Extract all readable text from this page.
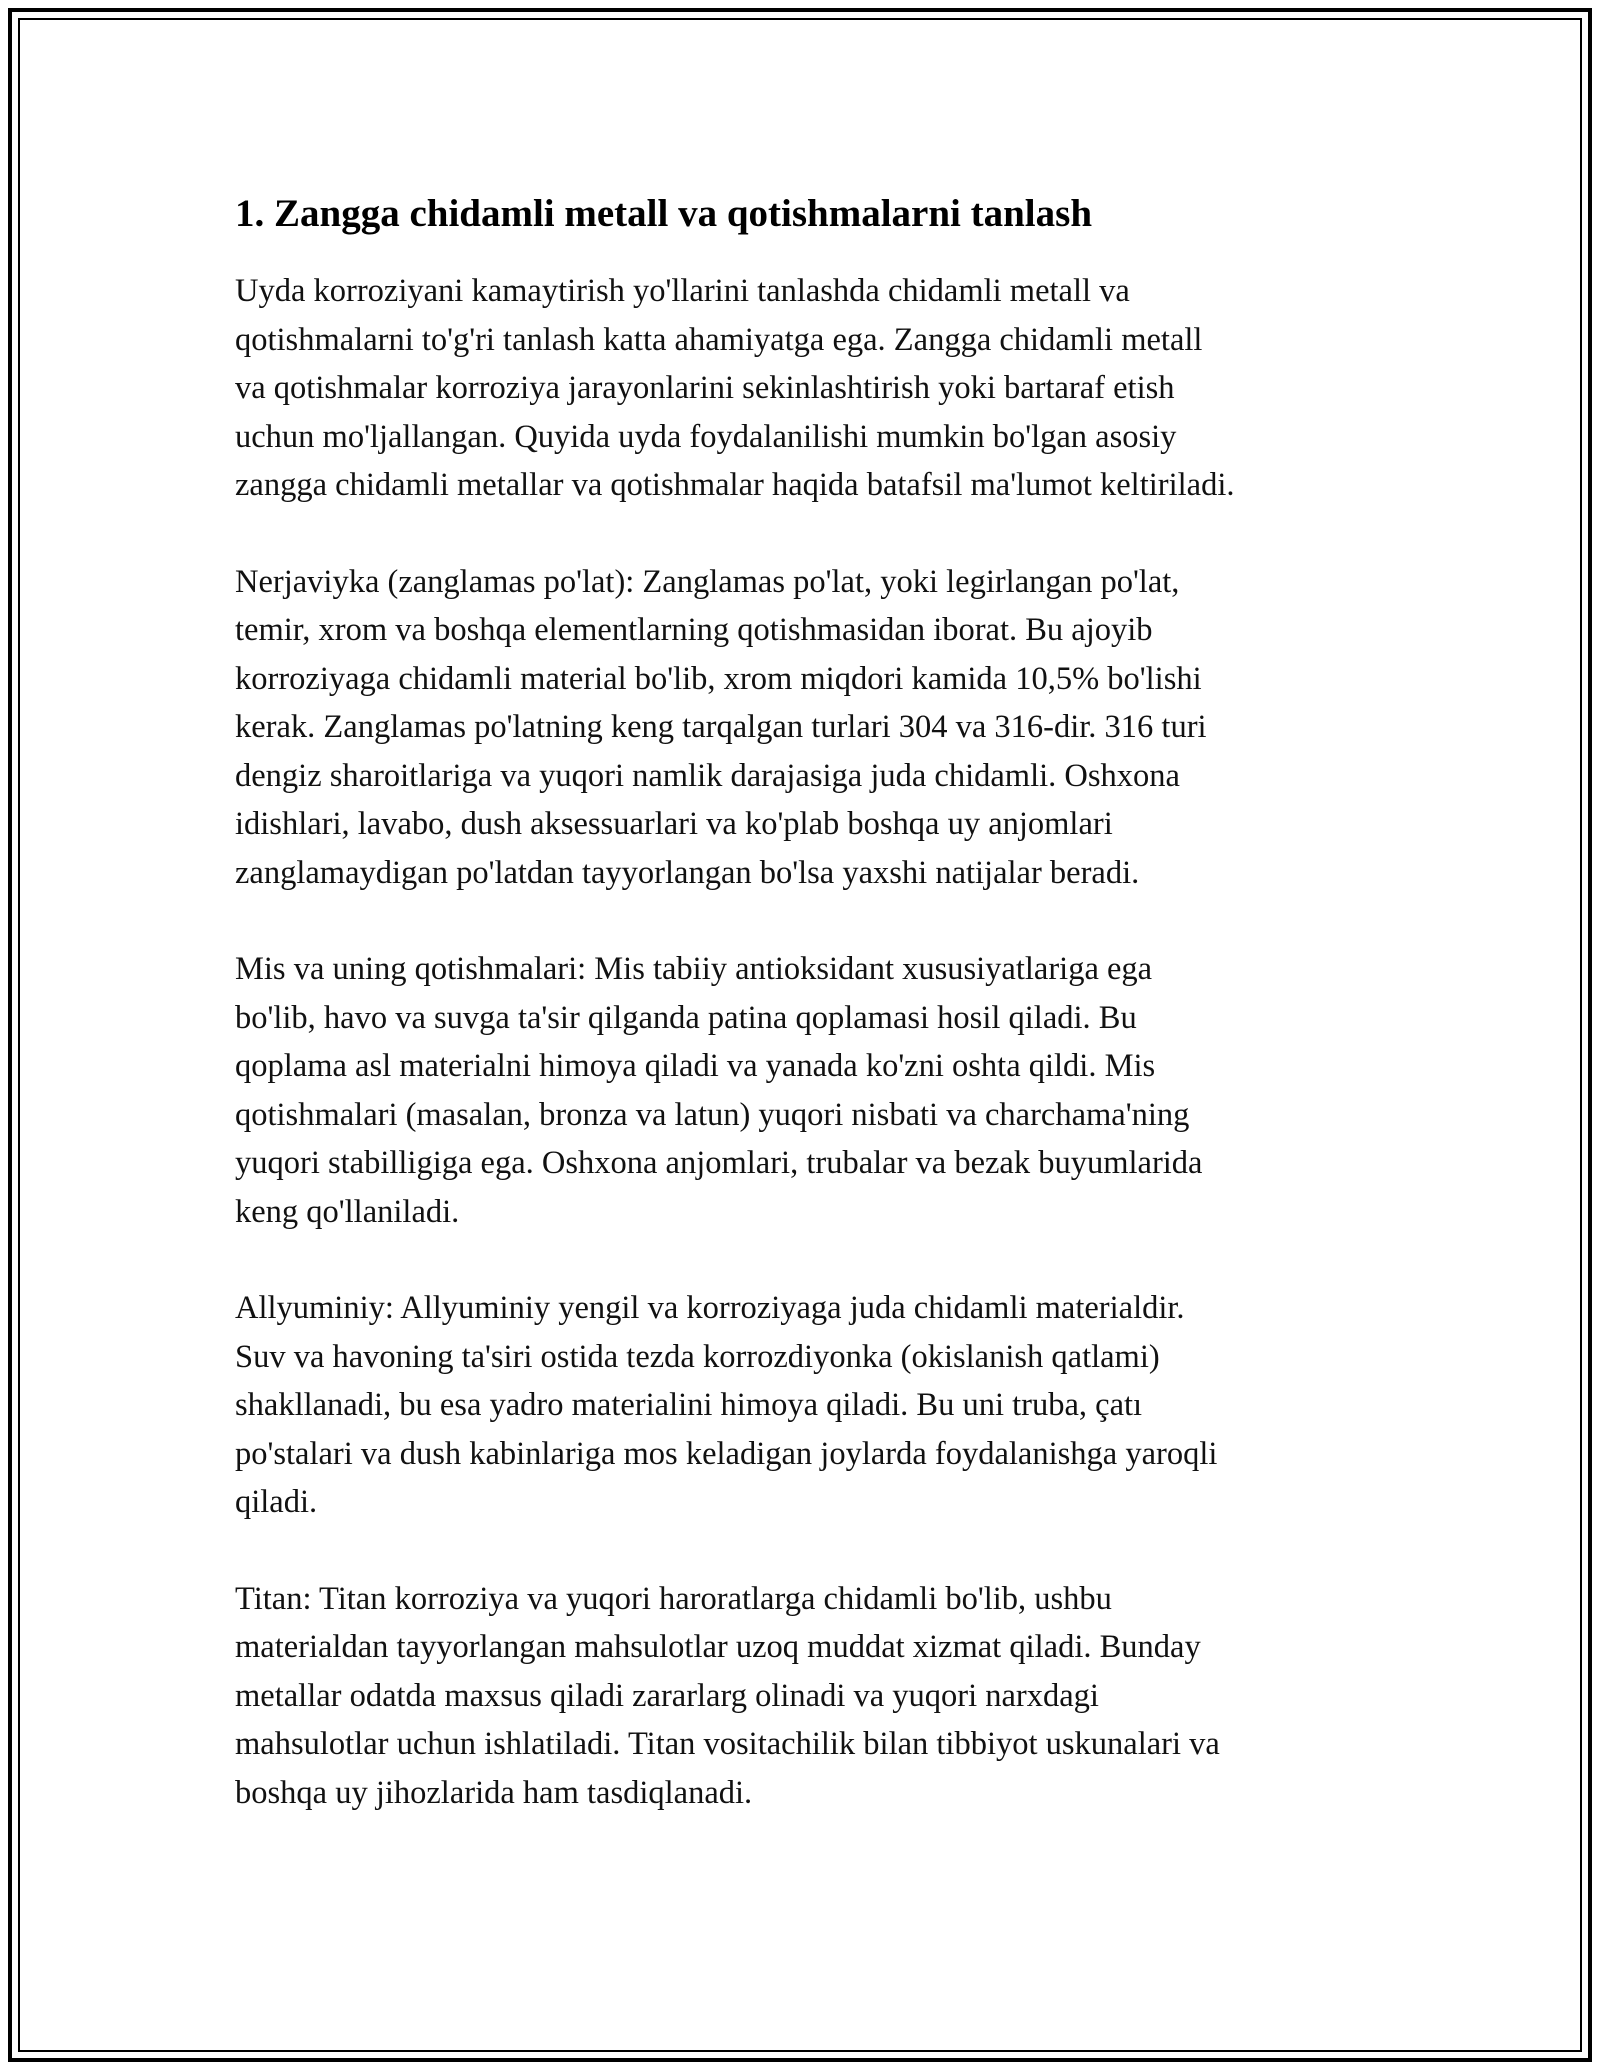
1. Zangga chidamli metall va qotishmalarni tanlash

Uyda korroziyani kamaytirish yo'llarini tanlashda chidamli metall va
qotishmalarni to'g'ri tanlash katta ahamiyatga ega. Zangga chidamli metall
va qotishmalar korroziya jarayonlarini sekinlashtirish yoki bartaraf etish
uchun mo'ljallangan. Quyida uyda foydalanilishi mumkin bo'lgan asosiy
zangga chidamli metallar va qotishmalar haqida batafsil ma'lumot keltiriladi.

Nerjaviyka (zanglamas po'lat): Zanglamas po'lat, yoki legirlangan po'lat,
temir, xrom va boshqa elementlarning qotishmasidan iborat. Bu ajoyib
korroziyaga chidamli material bo'lib, xrom miqdori kamida 10,5% bo'lishi
kerak. Zanglamas po'latning keng tarqalgan turlari 304 va 316-dir. 316 turi
dengiz sharoitlariga va yuqori namlik darajasiga juda chidamli. Oshxona
idishlari, lavabo, dush aksessuarlari va ko'plab boshqa uy anjomlari
zanglamaydigan po'latdan tayyorlangan bo'lsa yaxshi natijalar beradi.

Mis va uning qotishmalari: Mis tabiiy antioksidant xususiyatlariga ega
bo'lib, havo va suvga ta'sir qilganda patina qoplamasi hosil qiladi. Bu
qoplama asl materialni himoya qiladi va yanada ko'zni oshta qildi. Mis
qotishmalari (masalan, bronza va latun) yuqori nisbati va charchama'ning
yuqori stabilligiga ega. Oshxona anjomlari, trubalar va bezak buyumlarida
keng qo'llaniladi.

Allyuminiy: Allyuminiy yengil va korroziyaga juda chidamli materialdir.
Suv va havoning ta'siri ostida tezda korrozdiyonka (okislanish qatlami)
shakllanadi, bu esa yadro materialini himoya qiladi. Bu uni truba, çatı
po'stalari va dush kabinlariga mos keladigan joylarda foydalanishga yaroqli
qiladi.

Titan: Titan korroziya va yuqori haroratlarga chidamli bo'lib, ushbu
materialdan tayyorlangan mahsulotlar uzoq muddat xizmat qiladi. Bunday
metallar odatda maxsus qiladi zararlarg olinadi va yuqori narxdagi
mahsulotlar uchun ishlatiladi. Titan vositachilik bilan tibbiyot uskunalari va
boshqa uy jihozlarida ham tasdiqlanadi.
